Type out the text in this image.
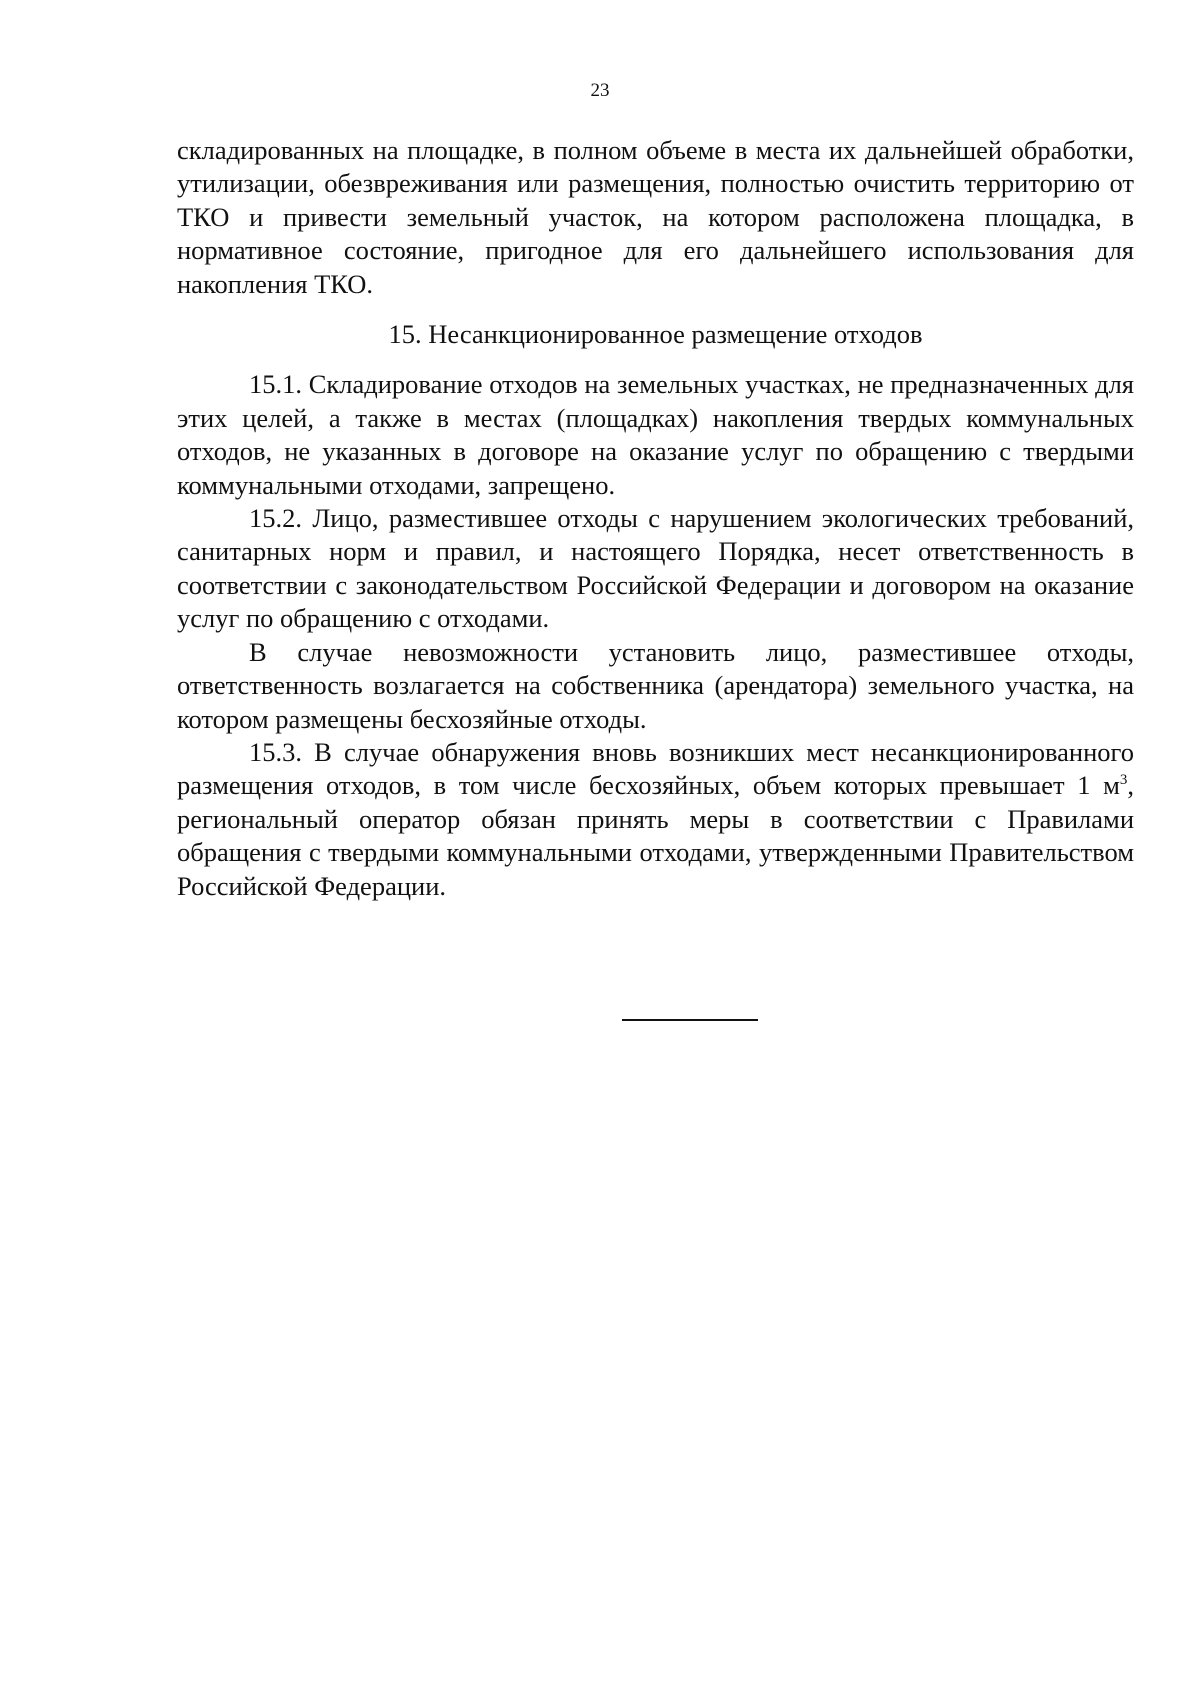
23

складированных на площадке, в полном объеме в места их дальнейшей обработки, утилизации, обезвреживания или размещения, полностью очистить территорию от ТКО и привести земельный участок, на котором расположена площадка, в нормативное состояние, пригодное для его дальнейшего использования для накопления ТКО.

15. Несанкционированное размещение отходов

15.1. Складирование отходов на земельных участках, не предназначенных для этих целей, а также в местах (площадках) накопления твердых коммунальных отходов, не указанных в договоре на оказание услуг по обращению с твердыми коммунальными отходами, запрещено.

15.2. Лицо, разместившее отходы с нарушением экологических требований, санитарных норм и правил, и настоящего Порядка, несет ответственность в соответствии с законодательством Российской Федерации и договором на оказание услуг по обращению с отходами.

В случае невозможности установить лицо, разместившее отходы, ответственность возлагается на собственника (арендатора) земельного участка, на котором размещены бесхозяйные отходы.

15.3. В случае обнаружения вновь возникших мест несанкционированного размещения отходов, в том числе бесхозяйных, объем которых превышает 1 $м^3$, региональный оператор обязан принять меры в соответствии с Правилами обращения с твердыми коммунальными отходами, утвержденными Правительством Российской Федерации.
